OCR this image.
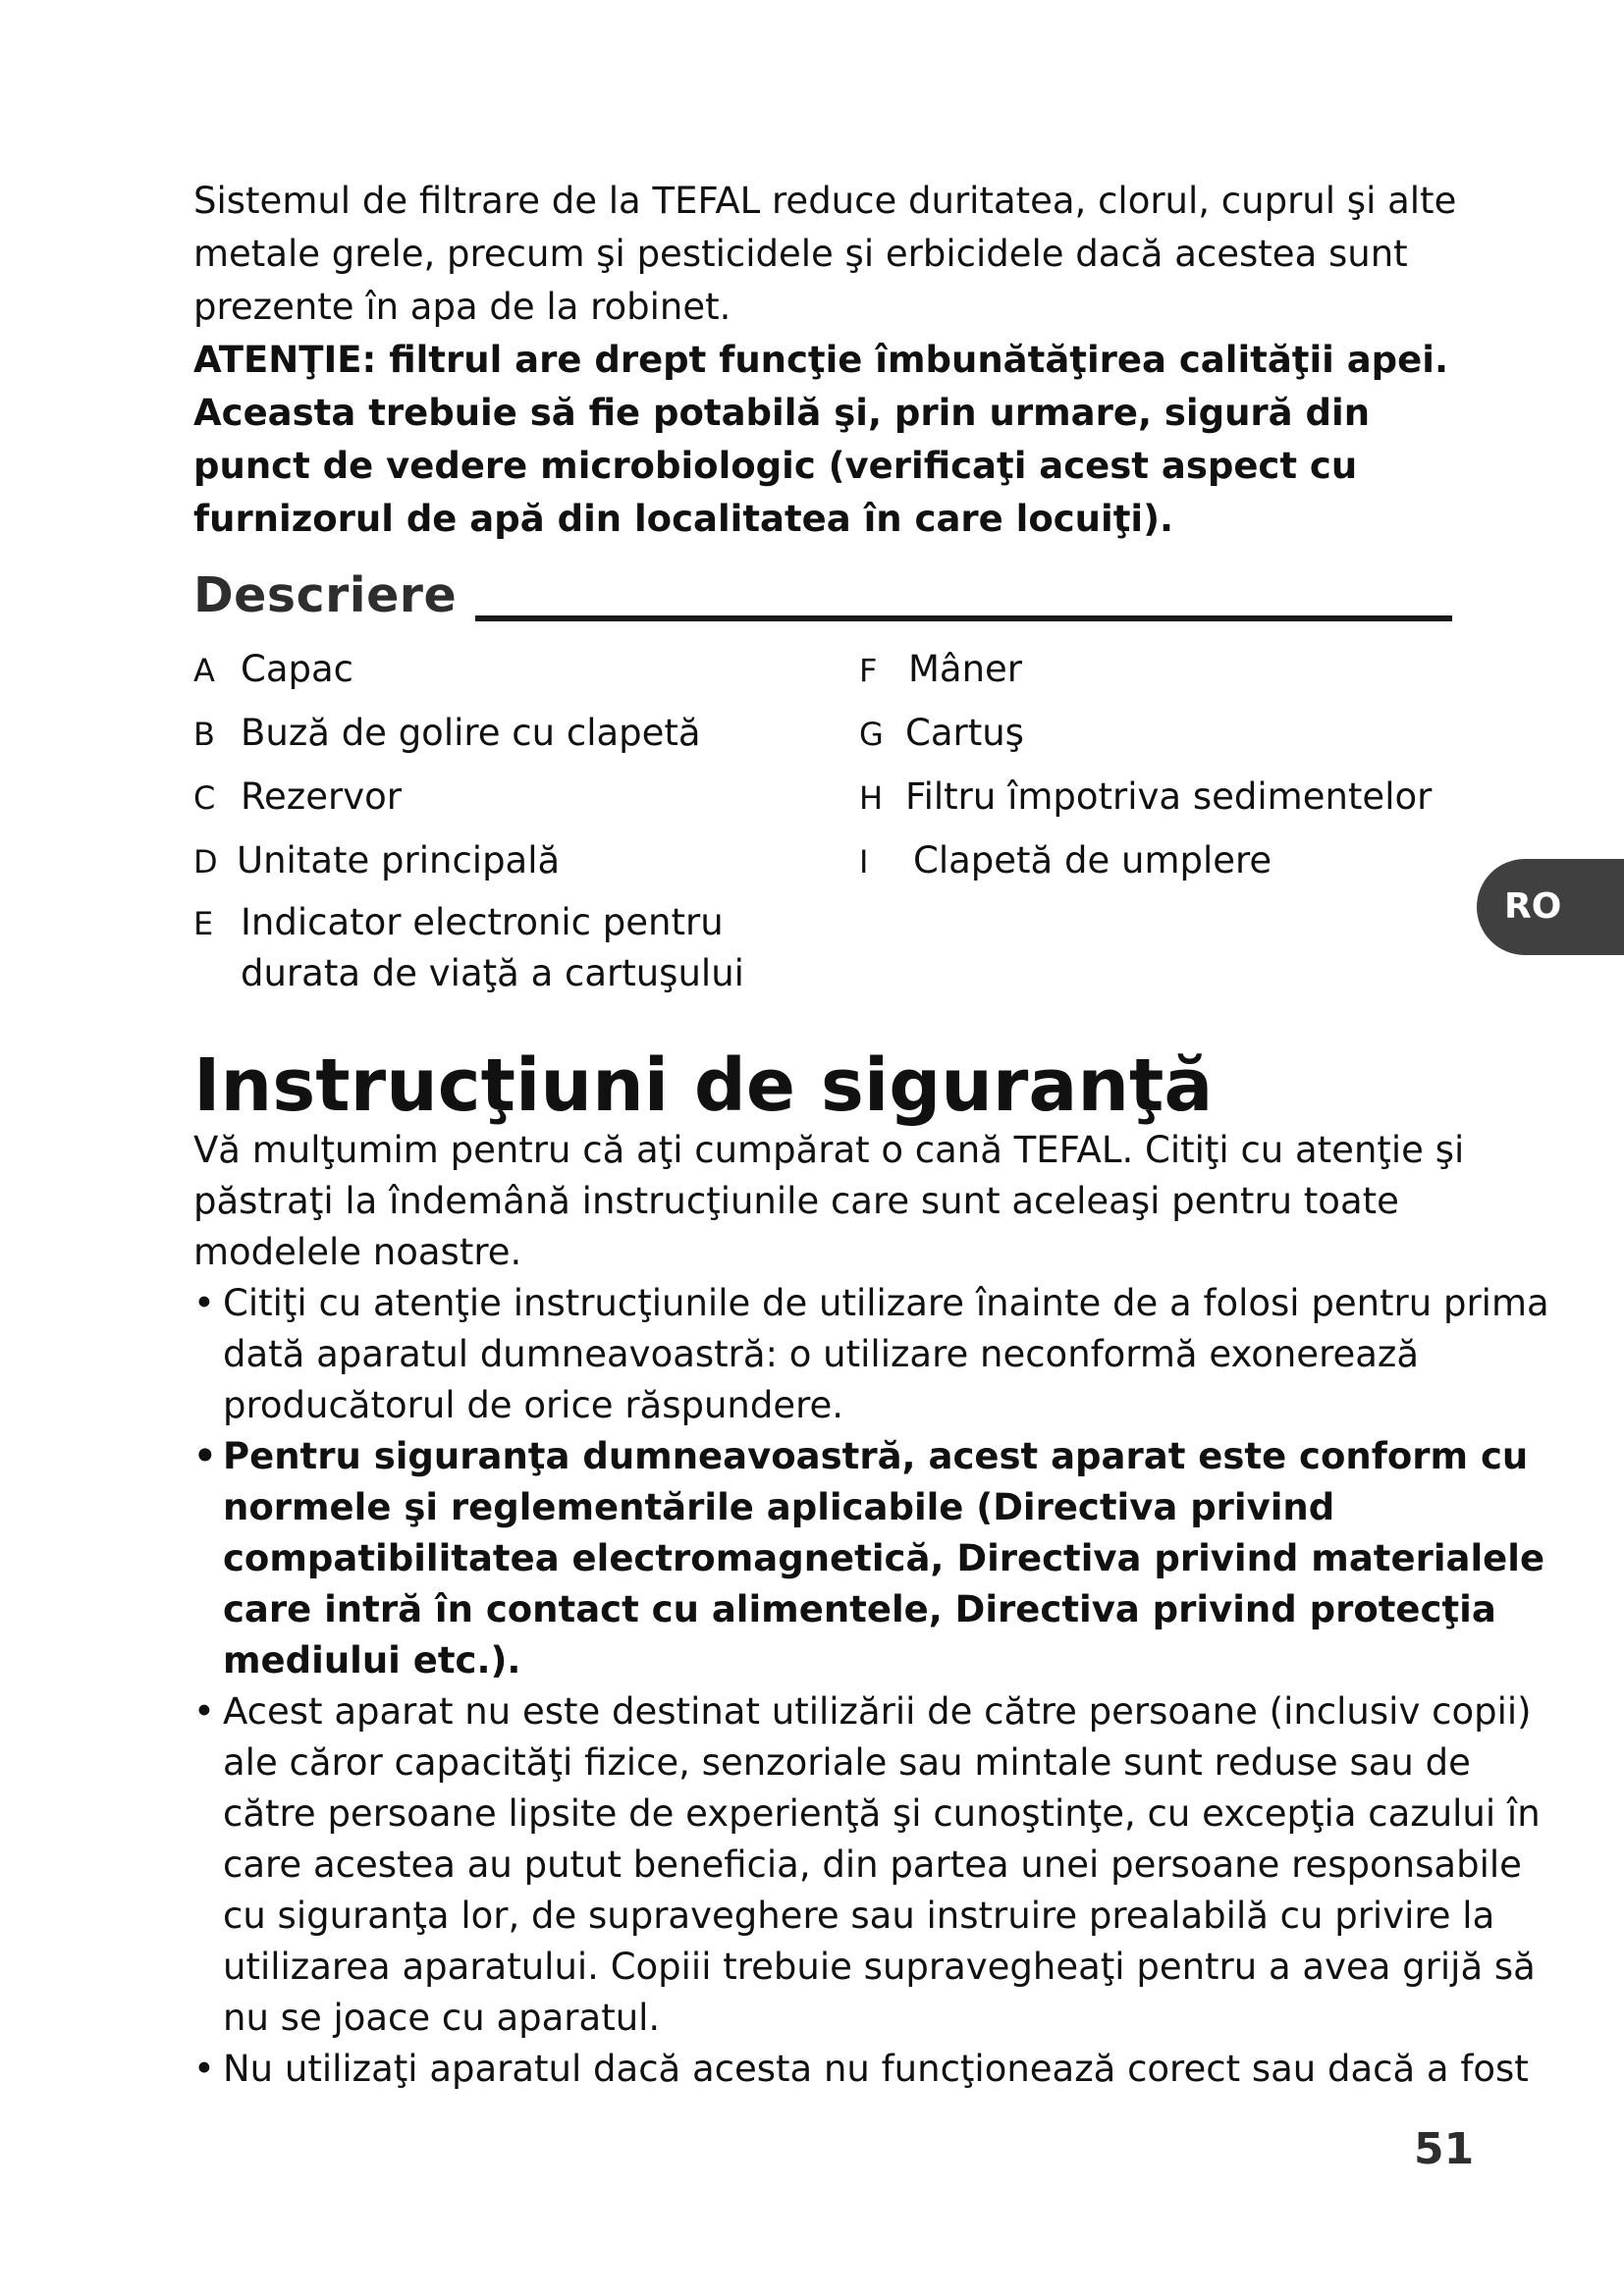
Sistemul de filtrare de la TEFAL reduce duritatea, clorul, cuprul şi alte metale grele, precum şi pesticidele şi erbicidele dacă acestea sunt prezente în apa de la robinet.

ATENŢIE: filtrul are drept funcţie îmbunătăţirea calităţii apei. Aceasta trebuie să fie potabilă şi, prin urmare, sigură din punct de vedere microbiologic (verificaţi acest aspect cu furnizorul de apă din localitatea în care locuiţi).

Descriere
A Capac
B Buză de golire cu clapetă
C Rezervor
D Unitate principală
E Indicator electronic pentru durata de viaţă a cartuşului
F Mâner
G Cartuş
H Filtru împotriva sedimentelor
I Clapetă de umplere
RO
Instrucţiuni de siguranţă

Vă mulţumim pentru că aţi cumpărat o cană TEFAL. Citiţi cu atenţie şi păstraţi la îndemână instrucţiunile care sunt aceleaşi pentru toate modelele noastre.

• Citiţi cu atenţie instrucţiunile de utilizare înainte de a folosi pentru prima dată aparatul dumneavoastră: o utilizare neconformă exonerează producătorul de orice răspundere.
• Pentru siguranţa dumneavoastră, acest aparat este conform cu normele şi reglementările aplicabile (Directiva privind compatibilitatea electromagnetică, Directiva privind materialele care intră în contact cu alimentele, Directiva privind protecţia mediului etc.).
• Acest aparat nu este destinat utilizării de către persoane (inclusiv copii) ale căror capacităţi fizice, senzoriale sau mintale sunt reduse sau de către persoane lipsite de experienţă şi cunoştinţe, cu excepţia cazului în care acestea au putut beneficia, din partea unei persoane responsabile cu siguranţa lor, de supraveghere sau instruire prealabilă cu privire la utilizarea aparatului. Copiii trebuie supravegheaţi pentru a avea grijă să nu se joace cu aparatul.
• Nu utilizaţi aparatul dacă acesta nu funcţionează corect sau dacă a fost
51
